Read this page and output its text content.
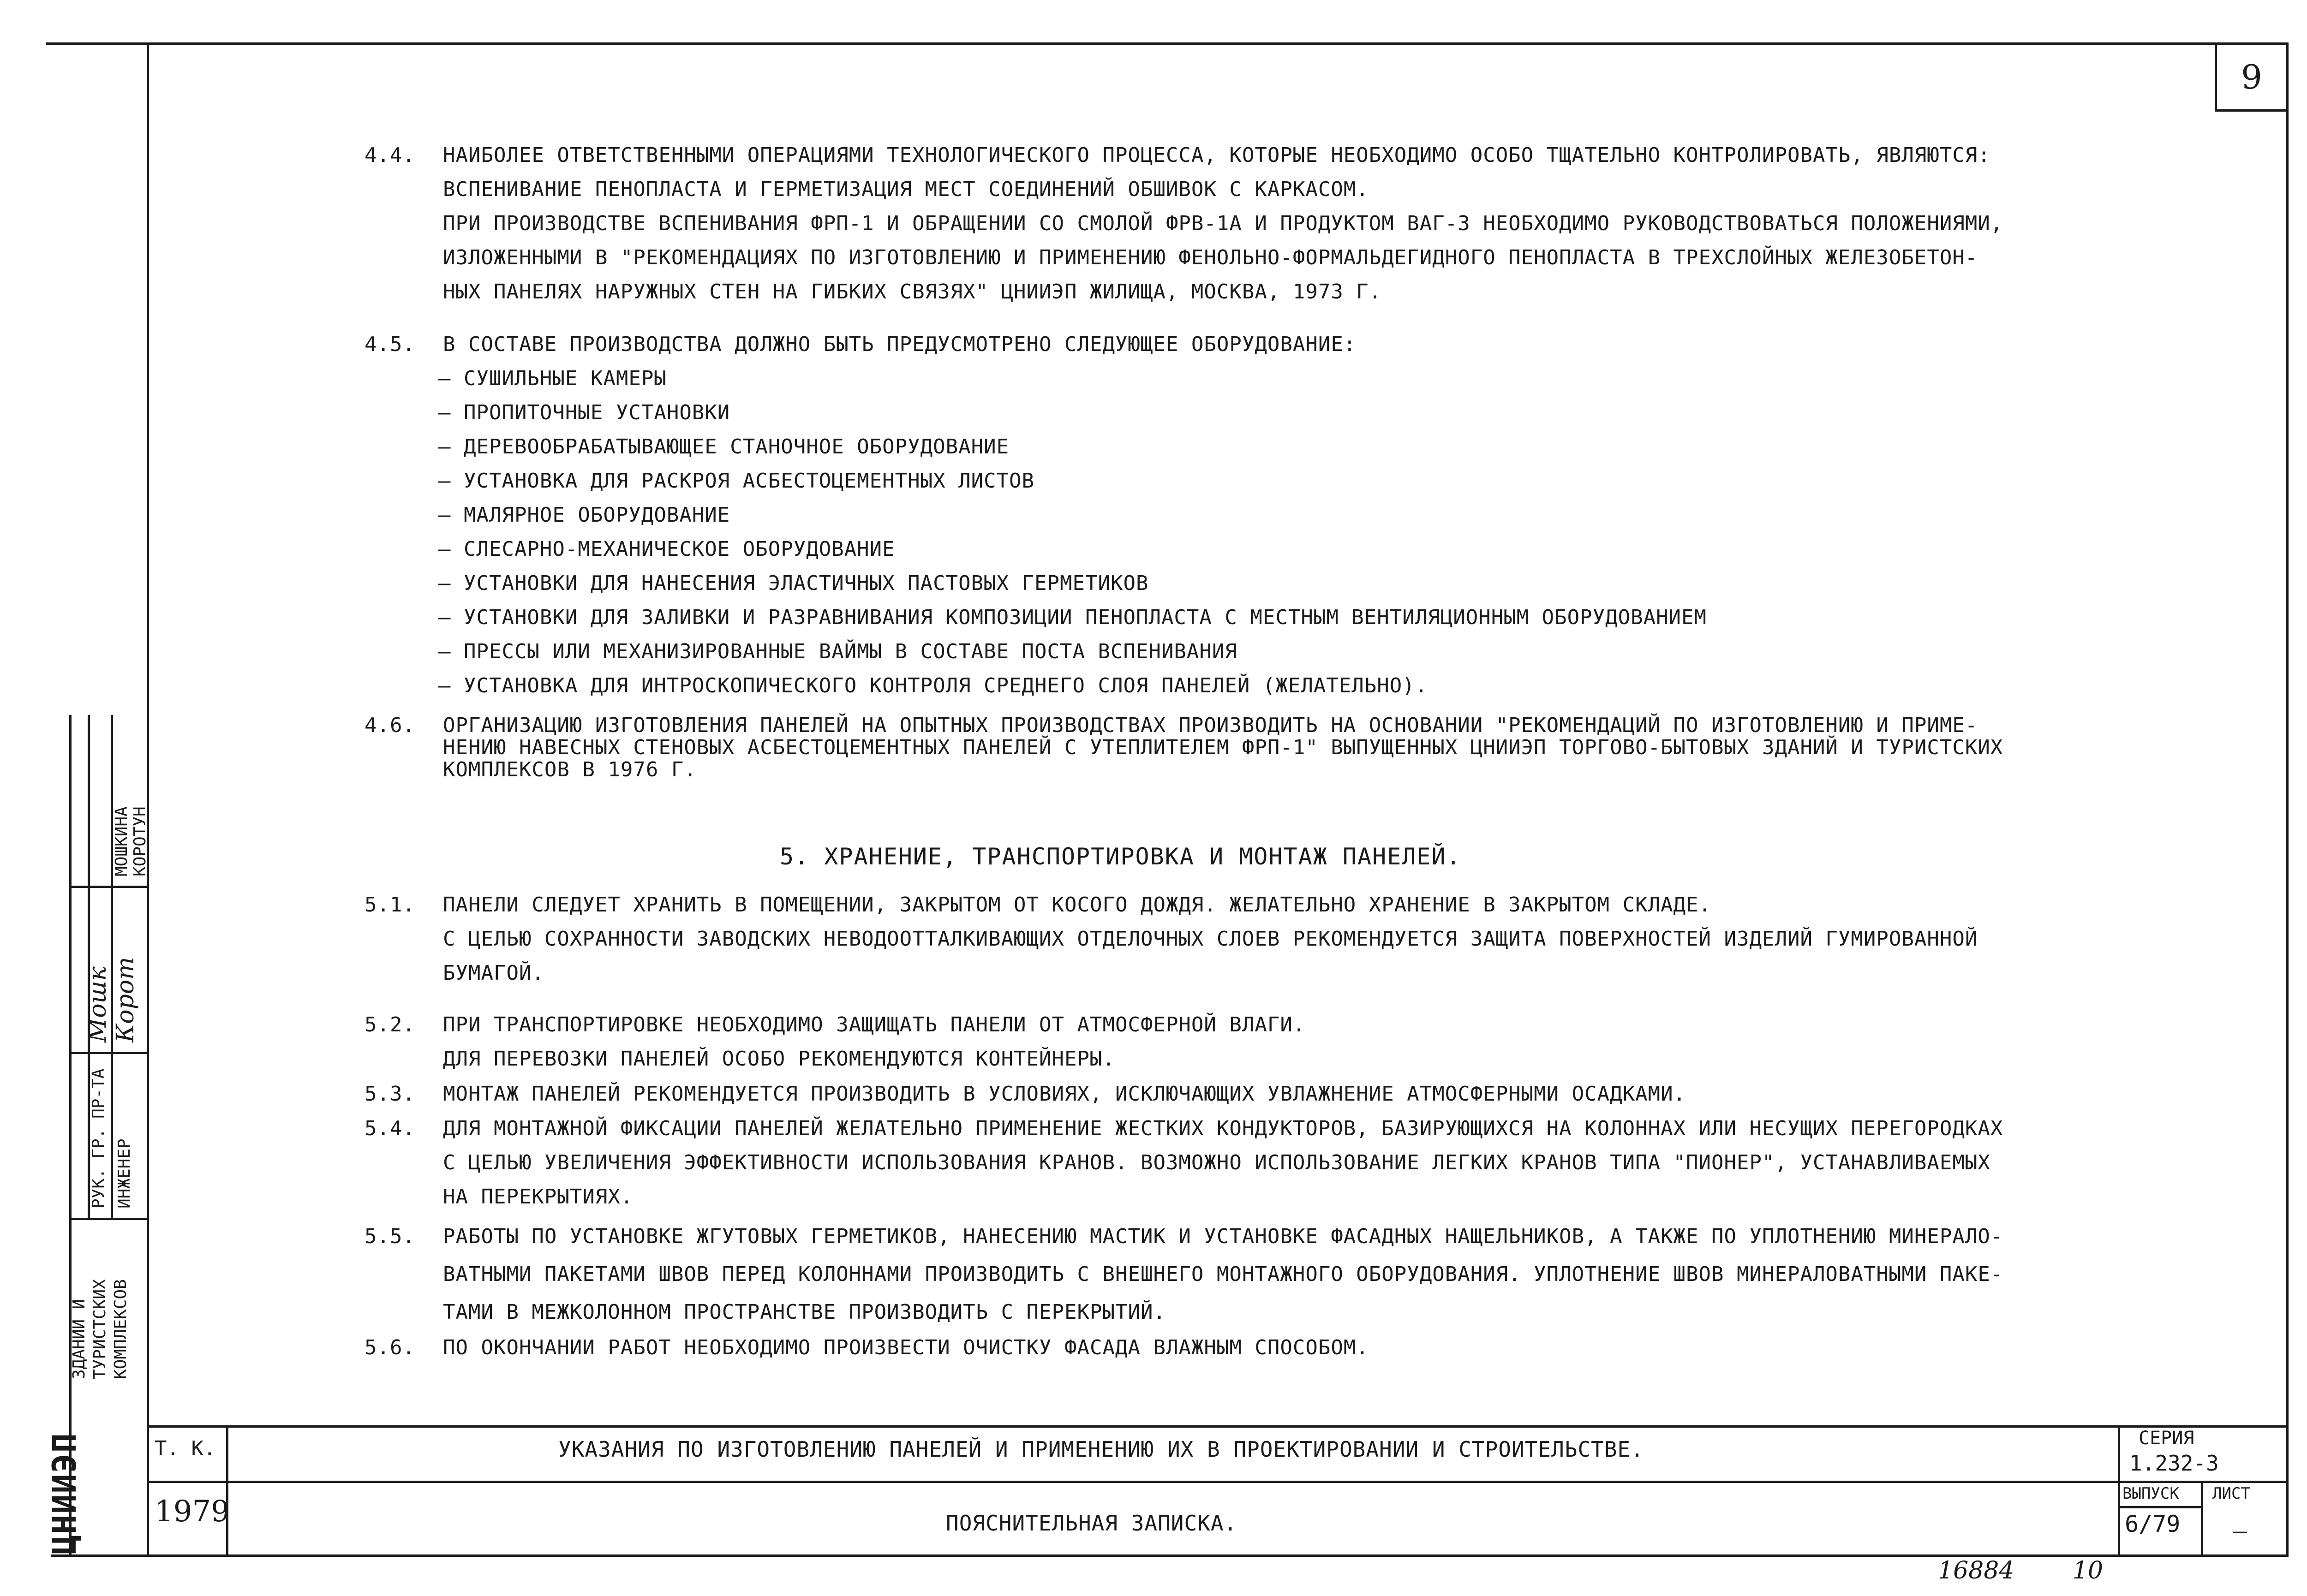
9
4.4.	НАИБОЛЕЕ ОТВЕТСТВЕННЫМИ ОПЕРАЦИЯМИ ТЕХНОЛОГИЧЕСКОГО ПРОЦЕССА, КОТОРЫЕ НЕОБХОДИМО ОСОБО ТЩАТЕЛЬНО КОНТРОЛИРОВАТЬ, ЯВЛЯЮТСЯ:
ВСПЕНИВАНИЕ ПЕНОПЛАСТА И ГЕРМЕТИЗАЦИЯ МЕСТ СОЕДИНЕНИЙ ОБШИВОК С КАРКАСОМ.
ПРИ ПРОИЗВОДСТВЕ ВСПЕНИВАНИЯ ФРП-1 И ОБРАЩЕНИИ СО СМОЛОЙ ФРВ-1А И ПРОДУКТОМ ВАГ-3 НЕОБХОДИМО РУКОВОДСТВОВАТЬСЯ ПОЛОЖЕНИЯМИ,
ИЗЛОЖЕННЫМИ В "РЕКОМЕНДАЦИЯХ ПО ИЗГОТОВЛЕНИЮ И ПРИМЕНЕНИЮ ФЕНОЛЬНО-ФОРМАЛЬДЕГИДНОГО ПЕНОПЛАСТА В ТРЕХСЛОЙНЫХ ЖЕЛЕЗОБЕТОН-
НЫХ ПАНЕЛЯХ НАРУЖНЫХ СТЕН НА ГИБКИХ СВЯЗЯХ" ЦНИИЭП ЖИЛИЩА, МОСКВА, 1973 Г.
4.5.	В СОСТАВЕ ПРОИЗВОДСТВА ДОЛЖНО БЫТЬ ПРЕДУСМОТРЕНО СЛЕДУЮЩЕЕ ОБОРУДОВАНИЕ:
– СУШИЛЬНЫЕ КАМЕРЫ
– ПРОПИТОЧНЫЕ УСТАНОВКИ
– ДЕРЕВООБРАБАТЫВАЮЩЕЕ СТАНОЧНОЕ ОБОРУДОВАНИЕ
– УСТАНОВКА ДЛЯ РАСКРОЯ АСБЕСТОЦЕМЕНТНЫХ ЛИСТОВ
– МАЛЯРНОЕ ОБОРУДОВАНИЕ
– СЛЕСАРНО-МЕХАНИЧЕСКОЕ ОБОРУДОВАНИЕ
– УСТАНОВКИ ДЛЯ НАНЕСЕНИЯ ЭЛАСТИЧНЫХ ПАСТОВЫХ ГЕРМЕТИКОВ
– УСТАНОВКИ ДЛЯ ЗАЛИВКИ И РАЗРАВНИВАНИЯ КОМПОЗИЦИИ ПЕНОПЛАСТА С МЕСТНЫМ ВЕНТИЛЯЦИОННЫМ ОБОРУДОВАНИЕМ
– ПРЕССЫ ИЛИ МЕХАНИЗИРОВАННЫЕ ВАЙМЫ В СОСТАВЕ ПОСТА ВСПЕНИВАНИЯ
– УСТАНОВКА ДЛЯ ИНТРОСКОПИЧЕСКОГО КОНТРОЛЯ СРЕДНЕГО СЛОЯ ПАНЕЛЕЙ (ЖЕЛАТЕЛЬНО).
4.6.	ОРГАНИЗАЦИЮ ИЗГОТОВЛЕНИЯ ПАНЕЛЕЙ НА ОПЫТНЫХ ПРОИЗВОДСТВАХ ПРОИЗВОДИТЬ НА ОСНОВАНИИ "РЕКОМЕНДАЦИЙ ПО ИЗГОТОВЛЕНИЮ И ПРИМЕ-
НЕНИЮ НАВЕСНЫХ СТЕНОВЫХ АСБЕСТОЦЕМЕНТНЫХ ПАНЕЛЕЙ С УТЕПЛИТЕЛЕМ ФРП-1" ВЫПУЩЕННЫХ ЦНИИЭП ТОРГОВО-БЫТОВЫХ ЗДАНИЙ И ТУРИСТСКИХ
КОМПЛЕКСОВ В 1976 Г.
5. ХРАНЕНИЕ, ТРАНСПОРТИРОВКА И МОНТАЖ ПАНЕЛЕЙ.
5.1.	ПАНЕЛИ СЛЕДУЕТ ХРАНИТЬ В ПОМЕЩЕНИИ, ЗАКРЫТОМ ОТ КОСОГО ДОЖДЯ. ЖЕЛАТЕЛЬНО ХРАНЕНИЕ В ЗАКРЫТОМ СКЛАДЕ.
С ЦЕЛЬЮ СОХРАННОСТИ ЗАВОДСКИХ НЕВОДООТТАЛКИВАЮЩИХ ОТДЕЛОЧНЫХ СЛОЕВ РЕКОМЕНДУЕТСЯ ЗАЩИТА ПОВЕРХНОСТЕЙ ИЗДЕЛИЙ ГУМИРОВАННОЙ
БУМАГОЙ.
5.2.	ПРИ ТРАНСПОРТИРОВКЕ НЕОБХОДИМО ЗАЩИЩАТЬ ПАНЕЛИ ОТ АТМОСФЕРНОЙ ВЛАГИ.
ДЛЯ ПЕРЕВОЗКИ ПАНЕЛЕЙ ОСОБО РЕКОМЕНДУЮТСЯ КОНТЕЙНЕРЫ.
5.3.	МОНТАЖ ПАНЕЛЕЙ РЕКОМЕНДУЕТСЯ ПРОИЗВОДИТЬ В УСЛОВИЯХ, ИСКЛЮЧАЮЩИХ УВЛАЖНЕНИЕ АТМОСФЕРНЫМИ ОСАДКАМИ.
5.4.	ДЛЯ МОНТАЖНОЙ ФИКСАЦИИ ПАНЕЛЕЙ ЖЕЛАТЕЛЬНО ПРИМЕНЕНИЕ ЖЕСТКИХ КОНДУКТОРОВ, БАЗИРУЮЩИХСЯ НА КОЛОННАХ ИЛИ НЕСУЩИХ ПЕРЕГОРОДКАХ
С ЦЕЛЬЮ УВЕЛИЧЕНИЯ ЭФФЕКТИВНОСТИ ИСПОЛЬЗОВАНИЯ КРАНОВ. ВОЗМОЖНО ИСПОЛЬЗОВАНИЕ ЛЕГКИХ КРАНОВ ТИПА "ПИОНЕР", УСТАНАВЛИВАЕМЫХ
НА ПЕРЕКРЫТИЯХ.
5.5.	РАБОТЫ ПО УСТАНОВКЕ ЖГУТОВЫХ ГЕРМЕТИКОВ, НАНЕСЕНИЮ МАСТИК И УСТАНОВКЕ ФАСАДНЫХ НАЩЕЛЬНИКОВ, А ТАКЖЕ ПО УПЛОТНЕНИЮ МИНЕРАЛО-
ВАТНЫМИ ПАКЕТАМИ ШВОВ ПЕРЕД КОЛОННАМИ ПРОИЗВОДИТЬ С ВНЕШНЕГО МОНТАЖНОГО ОБОРУДОВАНИЯ. УПЛОТНЕНИЕ ШВОВ МИНЕРАЛОВАТНЫМИ ПАКЕ-
ТАМИ В МЕЖКОЛОННОМ ПРОСТРАНСТВЕ ПРОИЗВОДИТЬ С ПЕРЕКРЫТИЙ.
5.6.	ПО ОКОНЧАНИИ РАБОТ НЕОБХОДИМО ПРОИЗВЕСТИ ОЧИСТКУ ФАСАДА ВЛАЖНЫМ СПОСОБОМ.
Т. К.
1979
УКАЗАНИЯ ПО ИЗГОТОВЛЕНИЮ ПАНЕЛЕЙ И ПРИМЕНЕНИЮ ИХ В ПРОЕКТИРОВАНИИ И СТРОИТЕЛЬСТВЕ.
ПОЯСНИТЕЛЬНАЯ ЗАПИСКА.
СЕРИЯ
1.232-3
ВЫПУСК ЛИСТ
6/79 –
МОШКИНА КОРОТУН
Мошк Корот
РУК. ГР. ПР-ТА ИНЖЕНЕР
ЗДАНИЙ И ТУРИСТСКИХ КОМПЛЕКСОВ
ЦНИИЭП
16884 10
